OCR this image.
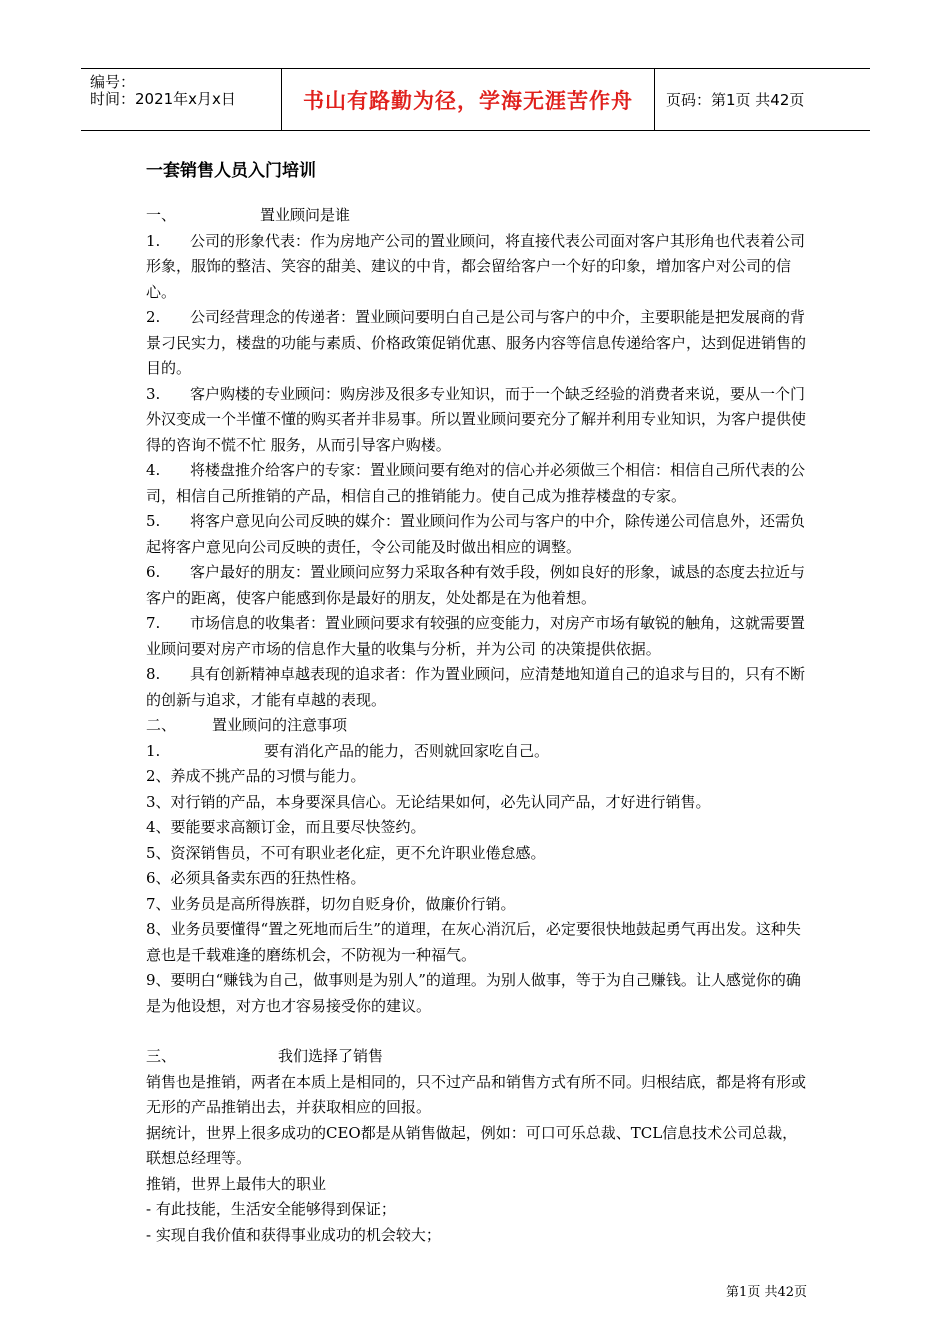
编号：
时间：2021年x月x日	书山有路勤为径，学海无涯苦作舟 页码：第1页 共42页
一套销售人员入门培训

一、	置业顾问是谁

1. 公司的形象代表：作为房地产公司的置业顾问，将直接代表公司面对客户其形角也代表着公司形象，服饰的整洁、笑容的甜美、建议的中肯，都会留给客户一个好的印象，增加客户对公司的信心。

2. 公司经营理念的传递者：置业顾问要明白自己是公司与客户的中介，主要职能是把发展商的背景刁民实力，楼盘的功能与素质、价格政策促销优惠、服务内容等信息传递给客户，达到促进销售的目的。

3. 客户购楼的专业顾问：购房涉及很多专业知识，而于一个缺乏经验的消费者来说，要从一个门外汉变成一个半懂不懂的购买者并非易事。所以置业顾问要充分了解并利用专业知识，为客户提供使得的咨询不慌不忙 服务，从而引导客户购楼。

4. 将楼盘推介给客户的专家：置业顾问要有绝对的信心并必须做三个相信：相信自己所代表的公司，相信自己所推销的产品，相信自己的推销能力。使自己成为推荐楼盘的专家。

5. 将客户意见向公司反映的媒介：置业顾问作为公司与客户的中介，除传递公司信息外，还需负起将客户意见向公司反映的责任，令公司能及时做出相应的调整。

6. 客户最好的朋友：置业顾问应努力采取各种有效手段，例如良好的形象，诚恳的态度去拉近与客户的距离，使客户能感到你是最好的朋友，处处都是在为他着想。

7. 市场信息的收集者：置业顾问要求有较强的应变能力，对房产市场有敏锐的触角，这就需要置业顾问要对房产市场的信息作大量的收集与分析，并为公司 的决策提供依据。

8. 具有创新精神卓越表现的追求者：作为置业顾问，应清楚地知道自己的追求与目的，只有不断的创新与追求，才能有卓越的表现。

二、 置业顾问的注意事项

1.	要有消化产品的能力，否则就回家吃自己。

2、养成不挑产品的习惯与能力。

3、对行销的产品，本身要深具信心。无论结果如何，必先认同产品，才好进行销售。

4、要能要求高额订金，而且要尽快签约。

5、资深销售员，不可有职业老化症，更不允许职业倦怠感。

6、必须具备卖东西的狂热性格。

7、业务员是高所得族群，切勿自贬身价，做廉价行销。

8、业务员要懂得“置之死地而后生”的道理，在灰心消沉后，必定要很快地鼓起勇气再出发。这种失意也是千载难逢的磨练机会，不防视为一种福气。

9、要明白“赚钱为自己，做事则是为别人”的道理。为别人做事，等于为自己赚钱。让人感觉你的确是为他设想，对方也才容易接受你的建议。

三、	我们选择了销售

销售也是推销，两者在本质上是相同的，只不过产品和销售方式有所不同。归根结底，都是将有形或无形的产品推销出去，并获取相应的回报。

据统计，世界上很多成功的CEO都是从销售做起，例如：可口可乐总裁、TCL信息技术公司总裁，联想总经理等。

推销，世界上最伟大的职业

- 有此技能，生活安全能够得到保证；

- 实现自我价值和获得事业成功的机会较大；

第1页 共42页
